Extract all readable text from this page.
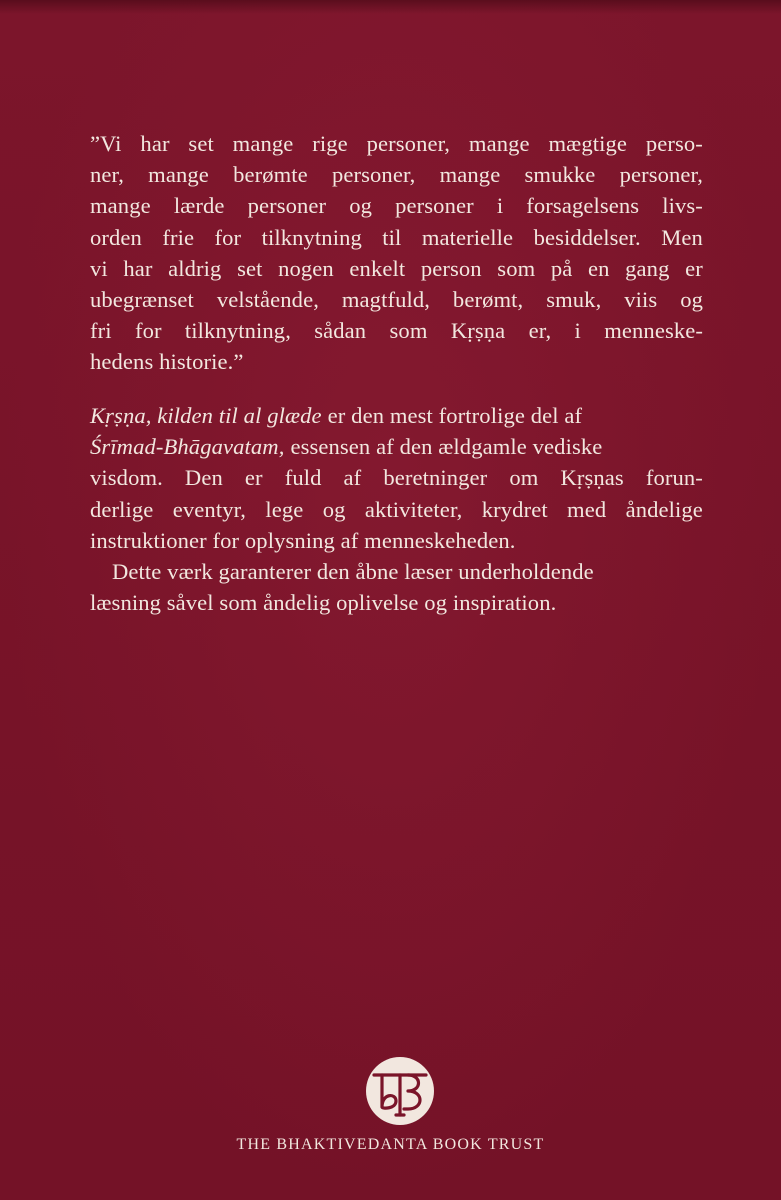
”Vi har set mange rige personer, mange mægtige perso-
ner, mange berømte personer, mange smukke personer,
mange lærde personer og personer i forsagelsens livs-
orden frie for tilknytning til materielle besiddelser. Men
vi har aldrig set nogen enkelt person som på en gang er
ubegrænset velstående, magtfuld, berømt, smuk, viis og
fri for tilknytning, sådan som Kṛṣṇa er, i menneske-
hedens historie.”
Kṛṣṇa, kilden til al glæde er den mest fortrolige del af
Śrīmad-Bhāgavatam, essensen af den ældgamle vediske
visdom. Den er fuld af beretninger om Kṛṣṇas forun-
derlige eventyr, lege og aktiviteter, krydret med åndelige
instruktioner for oplysning af menneskeheden.
Dette værk garanterer den åbne læser underholdende
læsning såvel som åndelig oplivelse og inspiration.
THE BHAKTIVEDANTA BOOK TRUST
